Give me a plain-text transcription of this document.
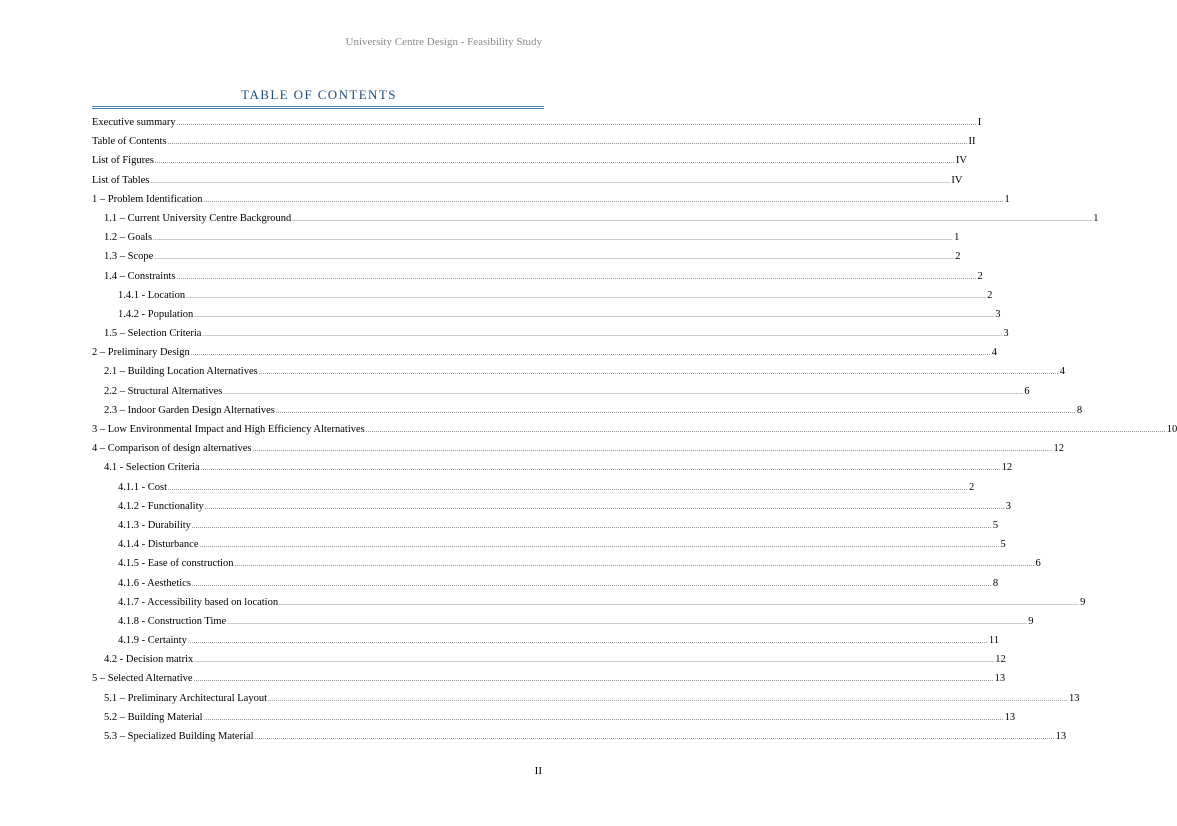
University Centre Design - Feasibility Study
TABLE OF CONTENTS
Executive summary ................................................................................................................................................................................................................................................................................................................................................................................................................ I
Table of Contents ................................................................................................................................................................................................................................................................................................................................................................................................................ II
List of Figures ................................................................................................................................................................................................................................................................................................................................................................................................................ IV
List of Tables ................................................................................................................................................................................................................................................................................................................................................................................................................ IV
1 – Problem Identification ................................................................................................................................................................................................................................................................................................................................................................................................................ 1
1.1 – Current University Centre Background ................................................................................................................................................................................................................................................................................................................................................................................................................ 1
1.2 – Goals ................................................................................................................................................................................................................................................................................................................................................................................................................ 1
1.3 – Scope ................................................................................................................................................................................................................................................................................................................................................................................................................ 2
1.4 – Constraints ................................................................................................................................................................................................................................................................................................................................................................................................................ 2
1.4.1 - Location ................................................................................................................................................................................................................................................................................................................................................................................................................ 2
1.4.2 - Population ................................................................................................................................................................................................................................................................................................................................................................................................................ 3
1.5 – Selection Criteria ................................................................................................................................................................................................................................................................................................................................................................................................................ 3
2 – Preliminary Design ................................................................................................................................................................................................................................................................................................................................................................................................................ 4
2.1 – Building Location Alternatives ................................................................................................................................................................................................................................................................................................................................................................................................................ 4
2.2 – Structural Alternatives ................................................................................................................................................................................................................................................................................................................................................................................................................ 6
2.3 – Indoor Garden Design Alternatives ................................................................................................................................................................................................................................................................................................................................................................................................................ 8
3 – Low Environmental Impact and High Efficiency Alternatives ................................................................................................................................................................................................................................................................................................................................................................................................................ 10
4 – Comparison of design alternatives ................................................................................................................................................................................................................................................................................................................................................................................................................ 12
4.1 - Selection Criteria ................................................................................................................................................................................................................................................................................................................................................................................................................ 12
4.1.1 - Cost ................................................................................................................................................................................................................................................................................................................................................................................................................ 2
4.1.2 - Functionality ................................................................................................................................................................................................................................................................................................................................................................................................................ 3
4.1.3 - Durability ................................................................................................................................................................................................................................................................................................................................................................................................................ 5
4.1.4 - Disturbance ................................................................................................................................................................................................................................................................................................................................................................................................................ 5
4.1.5 - Ease of construction ................................................................................................................................................................................................................................................................................................................................................................................................................ 6
4.1.6 - Aesthetics ................................................................................................................................................................................................................................................................................................................................................................................................................ 8
4.1.7 - Accessibility based on location ................................................................................................................................................................................................................................................................................................................................................................................................................ 9
4.1.8 - Construction Time ................................................................................................................................................................................................................................................................................................................................................................................................................ 9
4.1.9 - Certainty ................................................................................................................................................................................................................................................................................................................................................................................................................ 11
4.2 - Decision matrix ................................................................................................................................................................................................................................................................................................................................................................................................................ 12
5 – Selected Alternative ................................................................................................................................................................................................................................................................................................................................................................................................................ 13
5.1 – Preliminary Architectural Layout ................................................................................................................................................................................................................................................................................................................................................................................................................ 13
5.2 – Building Material ................................................................................................................................................................................................................................................................................................................................................................................................................ 13
5.3 – Specialized Building Material ................................................................................................................................................................................................................................................................................................................................................................................................................ 13
II
